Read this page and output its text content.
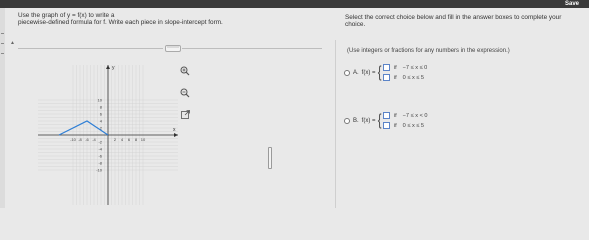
Save
Use the graph of y = f(x) to write a
piecewise-defined formula for f. Write each piece in slope-intercept form.
Select the correct choice below and fill in the answer boxes to complete your
choice.
▲
⋯⋯	(Use integers or fractions for any numbers in the expression.)
y
x
10
8
6
4
2
-2
-4
-6
-8
-10
-10 -8 -6 -4	2 4 6 8 10
A. f(x) = { if −7 ≤ x ≤ 0
if 0 ≤ x ≤ 5
B. f(x) = { if −7 ≤ x < 0
if 0 ≤ x ≤ 5
